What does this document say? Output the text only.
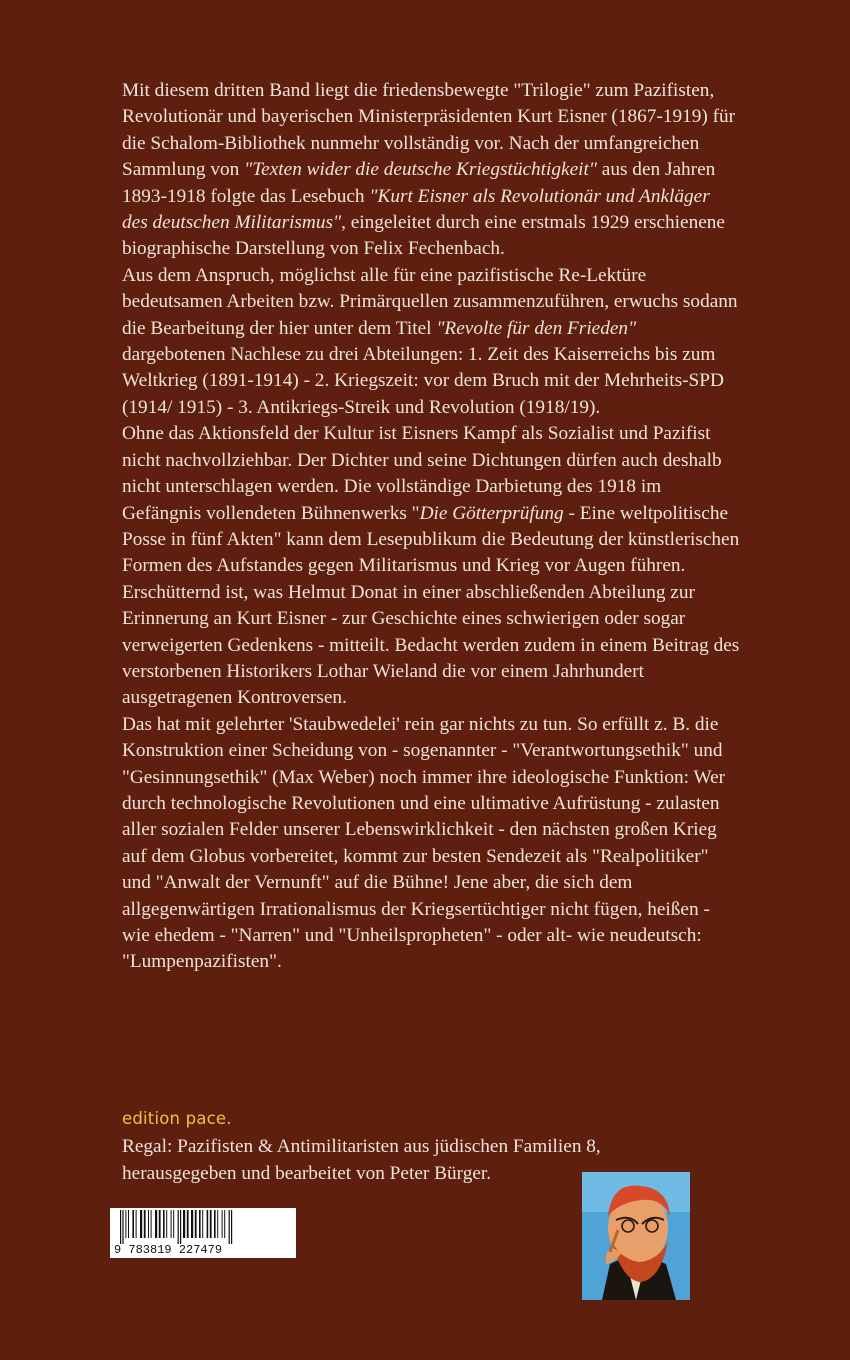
Mit diesem dritten Band liegt die friedensbewegte "Trilogie" zum Pazifisten, Revolutionär und bayerischen Ministerpräsidenten Kurt Eisner (1867-1919) für die Schalom-Bibliothek nunmehr vollständig vor. Nach der umfangreichen Sammlung von "Texten wider die deutsche Kriegstüchtigkeit" aus den Jahren 1893-1918 folgte das Lesebuch "Kurt Eisner als Revolutionär und Ankläger des deutschen Militarismus", eingeleitet durch eine erstmals 1929 erschienene biographische Darstellung von Felix Fechenbach.

Aus dem Anspruch, möglichst alle für eine pazifistische Re-Lektüre bedeutsamen Arbeiten bzw. Primärquellen zusammenzuführen, erwuchs sodann die Bearbeitung der hier unter dem Titel "Revolte für den Frieden" dargebotenen Nachlese zu drei Abteilungen: 1. Zeit des Kaiserreichs bis zum Weltkrieg (1891-1914) - 2. Kriegszeit: vor dem Bruch mit der Mehrheits-SPD (1914/ 1915) - 3. Antikriegs-Streik und Revolution (1918/19).

Ohne das Aktionsfeld der Kultur ist Eisners Kampf als Sozialist und Pazifist nicht nachvollziehbar. Der Dichter und seine Dichtungen dürfen auch deshalb nicht unterschlagen werden. Die vollständige Darbietung des 1918 im Gefängnis vollendeten Bühnenwerks "Die Götterprüfung - Eine weltpolitische Posse in fünf Akten" kann dem Lesepublikum die Bedeutung der künstlerischen Formen des Aufstandes gegen Militarismus und Krieg vor Augen führen.

Erschütternd ist, was Helmut Donat in einer abschließenden Abteilung zur Erinnerung an Kurt Eisner - zur Geschichte eines schwierigen oder sogar verweigerten Gedenkens - mitteilt. Bedacht werden zudem in einem Beitrag des verstorbenen Historikers Lothar Wieland die vor einem Jahrhundert ausgetragenen Kontroversen.

Das hat mit gelehrter 'Staubwedelei' rein gar nichts zu tun. So erfüllt z. B. die Konstruktion einer Scheidung von - sogenannter - "Verantwortungsethik" und "Gesinnungsethik" (Max Weber) noch immer ihre ideologische Funktion: Wer durch technologische Revolutionen und eine ultimative Aufrüstung - zulasten aller sozialen Felder unserer Lebenswirklichkeit - den nächsten großen Krieg auf dem Globus vorbereitet, kommt zur besten Sendezeit als "Realpolitiker" und "Anwalt der Vernunft" auf die Bühne! Jene aber, die sich dem allgegenwärtigen Irrationalismus der Kriegsertüchtiger nicht fügen, heißen - wie ehedem - "Narren" und "Unheilspropheten" - oder alt- wie neudeutsch: "Lumpenpazifisten".

edition pace.

Regal: Pazifisten & Antimilitaristen aus jüdischen Familien 8,

herausgegeben und bearbeitet von Peter Bürger.

9 783819 227479
